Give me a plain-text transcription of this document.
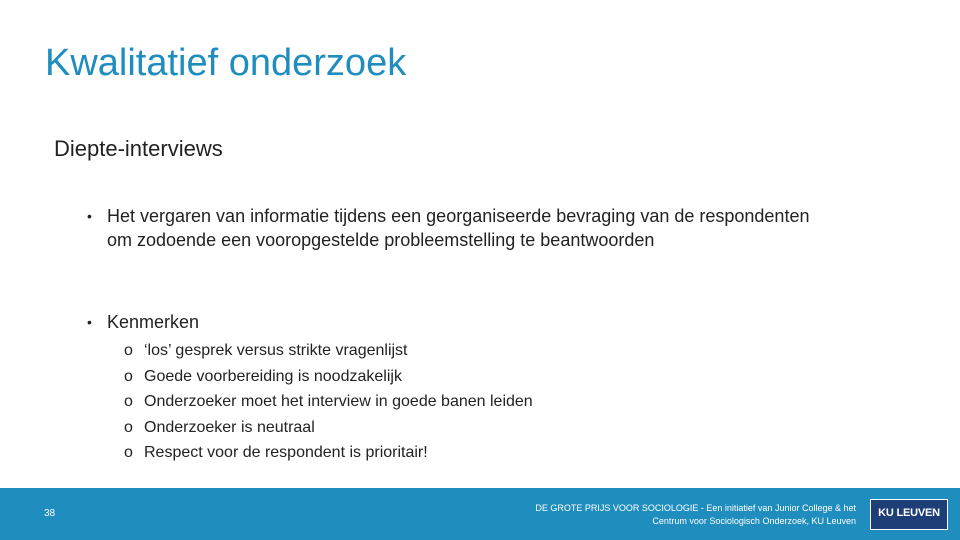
Kwalitatief onderzoek
Diepte-interviews
• Het vergaren van informatie tijdens een georganiseerde bevraging van de respondenten om zodoende een vooropgestelde probleemstelling te beantwoorden
• Kenmerken
o ‘los’ gesprek versus strikte vragenlijst
o Goede voorbereiding is noodzakelijk
o Onderzoeker moet het interview in goede banen leiden
o Onderzoeker is neutraal
o Respect voor de respondent is prioritair!
38	DE GROTE PRIJS VOOR SOCIOLOGIE - Een initiatief van Junior College & het
Centrum voor Sociologisch Onderzoek, KU Leuven
KU LEUVEN
